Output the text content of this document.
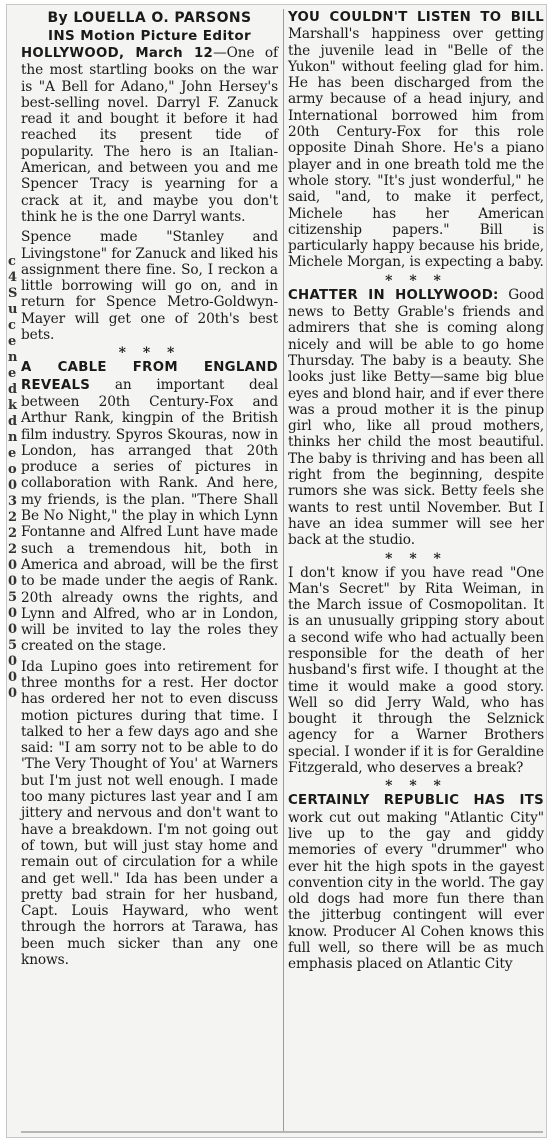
c
4
S
u
c
e
n
e
d
k
d
n
e
o
0
3
2
2
2
0
0
5
0
0
5
0
0
0
By LOUELLA O. PARSONS
INS Motion Picture Editor

HOLLYWOOD, March 12—One of the most startling books on the war is "A Bell for Adano," John Hersey's best-selling novel. Darryl F. Zanuck read it and bought it before it had reached its present tide of popularity. The hero is an Italian-American, and between you and me Spencer Tracy is yearning for a crack at it, and maybe you don't think he is the one Darryl wants.

Spence made "Stanley and Livingstone" for Zanuck and liked his assignment there fine. So, I reckon a little borrowing will go on, and in return for Spence Metro-Goldwyn-Mayer will get one of 20th's best bets.

* * *

A CABLE FROM ENGLAND REVEALS an important deal between 20th Century-Fox and Arthur Rank, kingpin of the British film industry. Spyros Skouras, now in London, has arranged that 20th produce a series of pictures in collaboration with Rank. And here, my friends, is the plan. "There Shall Be No Night," the play in which Lynn Fontanne and Alfred Lunt have made such a tremendous hit, both in America and abroad, will be the first to be made under the aegis of Rank. 20th already owns the rights, and Lynn and Alfred, who ar in London, will be invited to lay the roles they created on the stage.

Ida Lupino goes into retirement for three months for a rest. Her doctor has ordered her not to even discuss motion pictures during that time. I talked to her a few days ago and she said: "I am sorry not to be able to do 'The Very Thought of You' at Warners but I'm just not well enough. I made too many pictures last year and I am jittery and nervous and don't want to have a breakdown. I'm not going out of town, but will just stay home and remain out of circulation for a while and get well." Ida has been under a pretty bad strain for her husband, Capt. Louis Hayward, who went through the horrors at Tarawa, has been much sicker than any one knows.

YOU COULDN'T LISTEN TO BILL Marshall's happiness over getting the juvenile lead in "Belle of the Yukon" without feeling glad for him. He has been discharged from the army because of a head injury, and International borrowed him from 20th Century-Fox for this role opposite Dinah Shore. He's a piano player and in one breath told me the whole story. "It's just wonderful," he said, "and, to make it perfect, Michele has her American citizenship papers." Bill is particularly happy because his bride, Michele Morgan, is expecting a baby.

* * *

CHATTER IN HOLLYWOOD: Good news to Betty Grable's friends and admirers that she is coming along nicely and will be able to go home Thursday. The baby is a beauty. She looks just like Betty—same big blue eyes and blond hair, and if ever there was a proud mother it is the pinup girl who, like all proud mothers, thinks her child the most beautiful. The baby is thriving and has been all right from the beginning, despite rumors she was sick. Betty feels she wants to rest until November. But I have an idea summer will see her back at the studio.

* * *

I don't know if you have read "One Man's Secret" by Rita Weiman, in the March issue of Cosmopolitan. It is an unusually gripping story about a second wife who had actually been responsible for the death of her husband's first wife. I thought at the time it would make a good story. Well so did Jerry Wald, who has bought it through the Selznick agency for a Warner Brothers special. I wonder if it is for Geraldine Fitzgerald, who deserves a break?

* * *

CERTAINLY REPUBLIC HAS ITS work cut out making "Atlantic City" live up to the gay and giddy memories of every "drummer" who ever hit the high spots in the gayest convention city in the world. The gay old dogs had more fun there than the jitterbug contingent will ever know. Producer Al Cohen knows this full well, so there will be as much emphasis placed on Atlantic City
